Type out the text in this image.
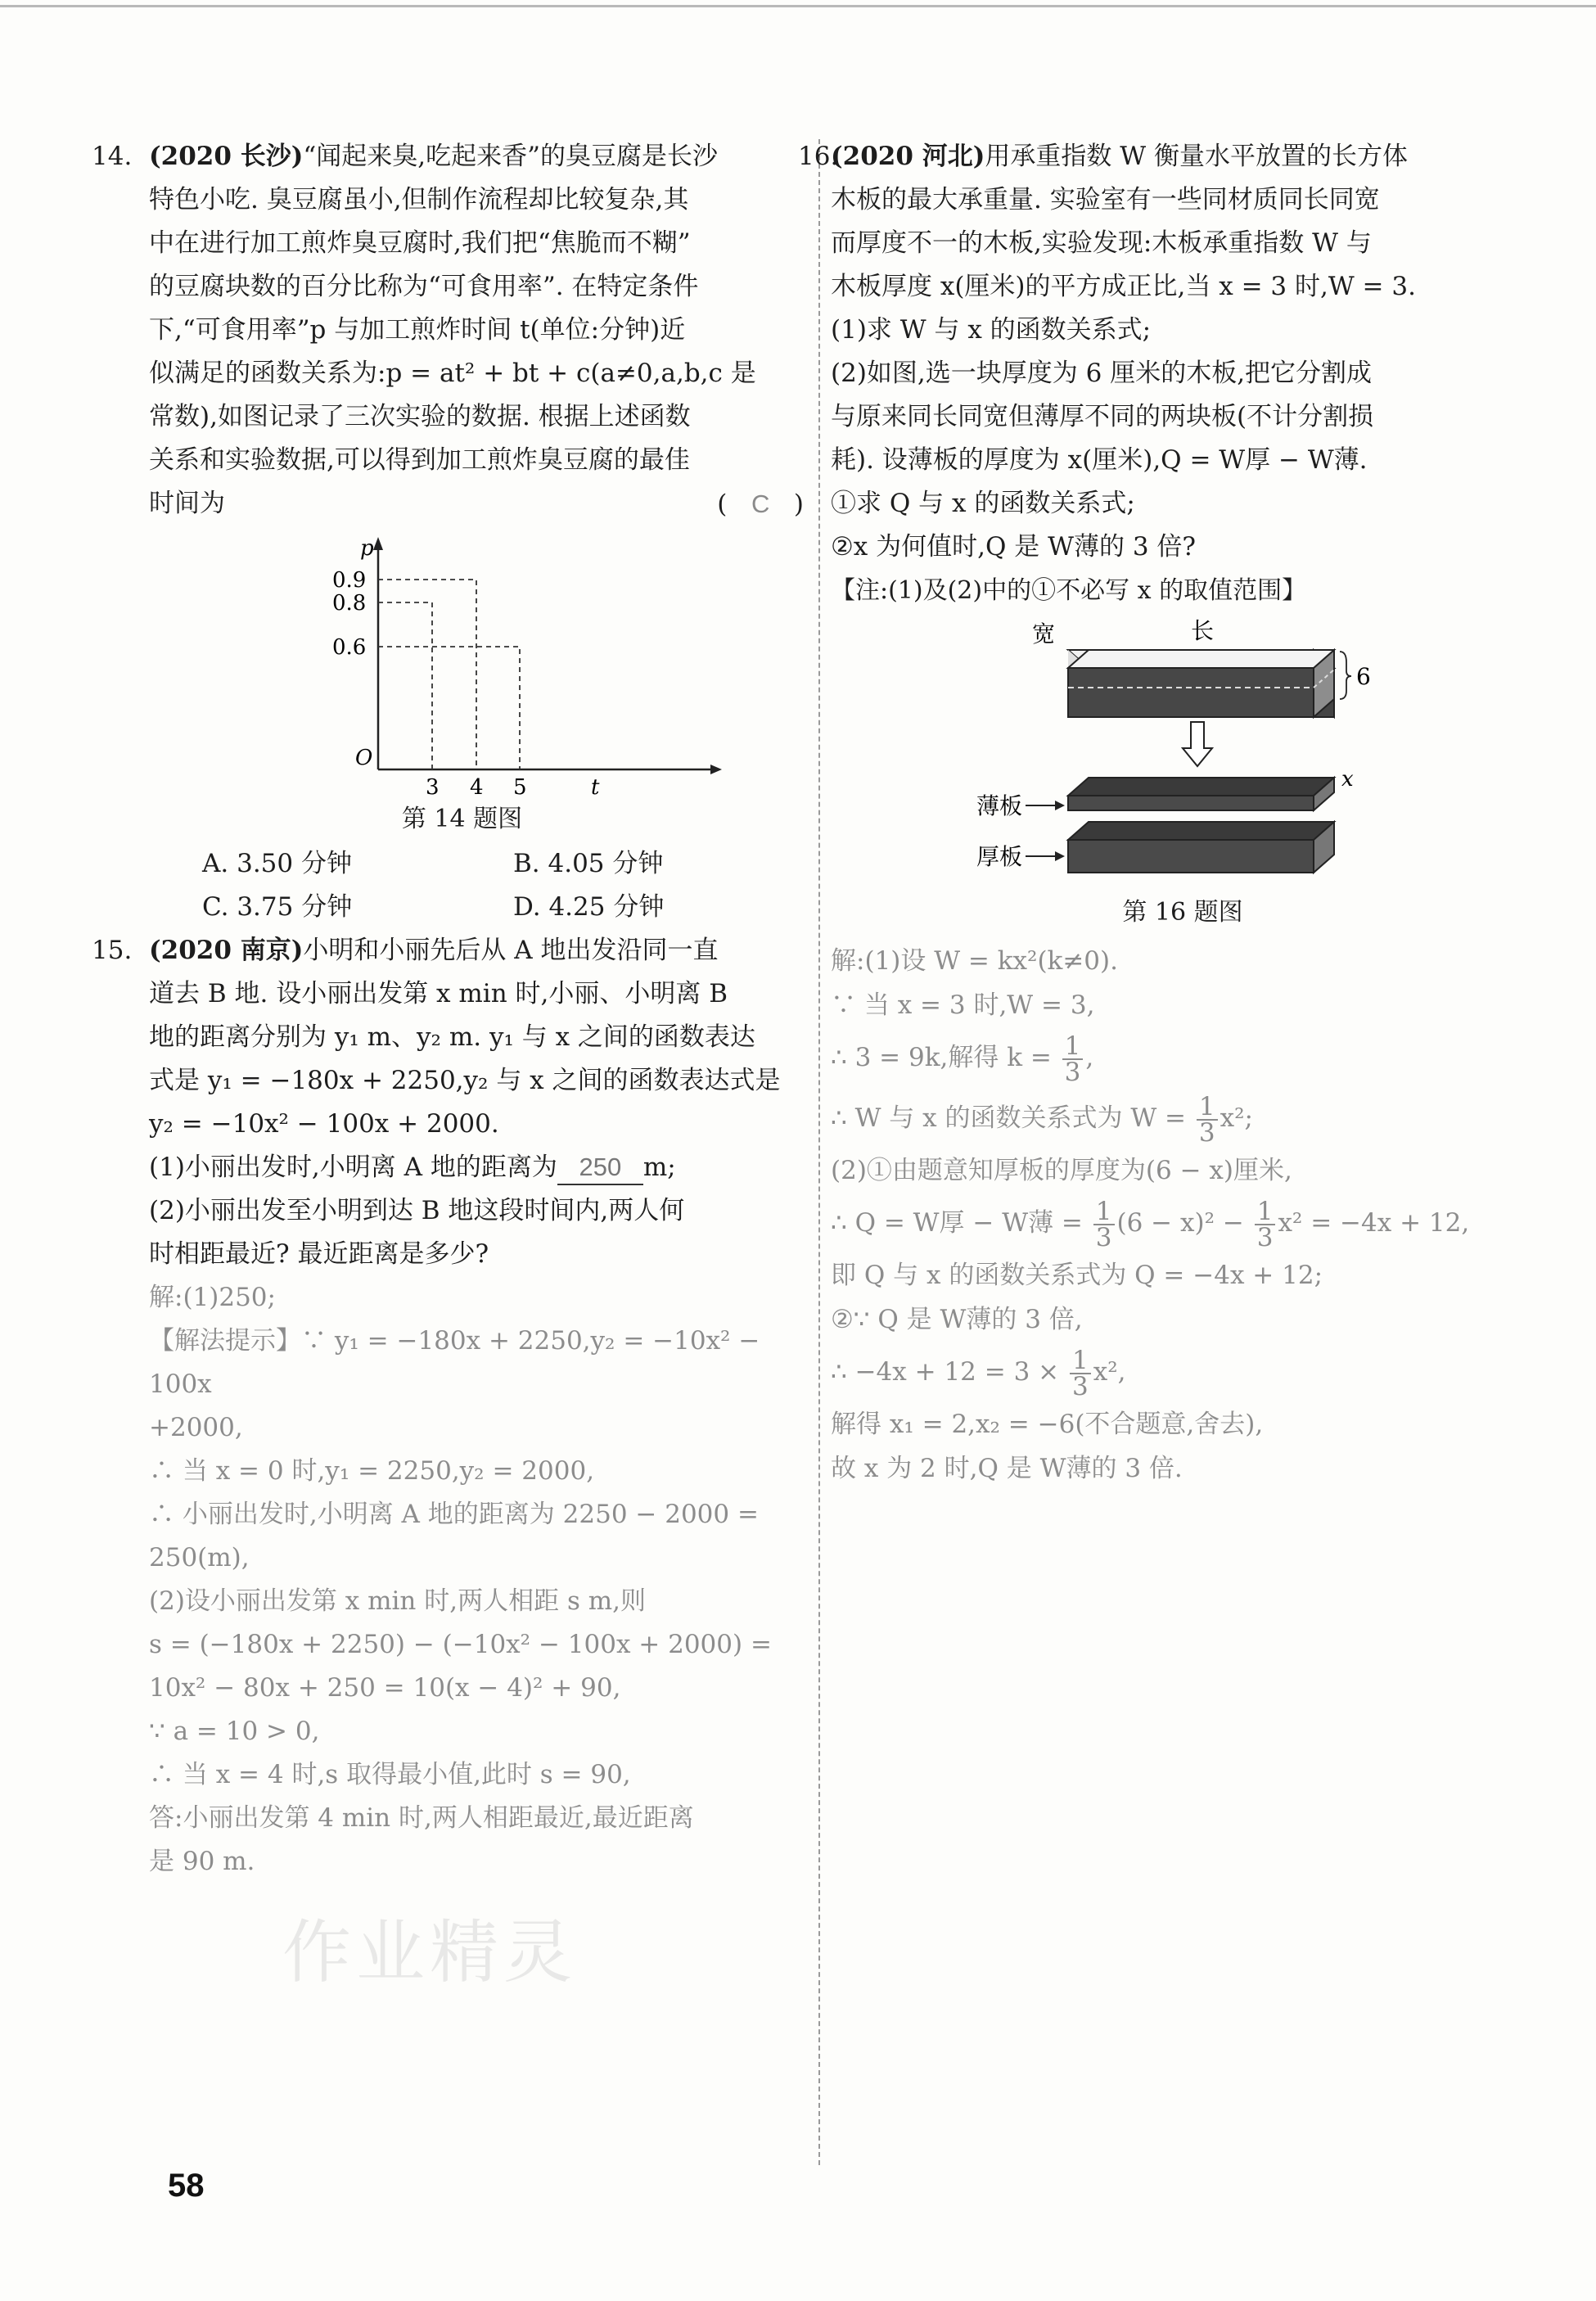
14. (2020 长沙)“闻起来臭,吃起来香”的臭豆腐是长沙

特色小吃. 臭豆腐虽小,但制作流程却比较复杂,其

中在进行加工煎炸臭豆腐时,我们把“焦脆而不糊”

的豆腐块数的百分比称为“可食用率”. 在特定条件

下,“可食用率”p 与加工煎炸时间 t(单位:分钟)近

似满足的函数关系为:p = at² + bt + c(a≠0,a,b,c 是

常数),如图记录了三次实验的数据. 根据上述函数

关系和实验数据,可以得到加工煎炸臭豆腐的最佳

时间为	( C )

p
0.9
0.8
0.6
O
3 4 5	t
第 14 题图
A. 3.50 分钟	B. 4.05 分钟
C. 3.75 分钟	D. 4.25 分钟
15. (2020 南京)小明和小丽先后从 A 地出发沿同一直

道去 B 地. 设小丽出发第 x min 时,小丽、小明离 B

地的距离分别为 y₁ m、y₂ m. y₁ 与 x 之间的函数表达

式是 y₁ = −180x + 2250,y₂ 与 x 之间的函数表达式是

y₂ = −10x² − 100x + 2000.

(1)小丽出发时,小明离 A 地的距离为 250 m;

(2)小丽出发至小明到达 B 地这段时间内,两人何

时相距最近? 最近距离是多少?

解:(1)250;

【解法提示】∵ y₁ = −180x + 2250,y₂ = −10x² − 100x

+2000,

∴ 当 x = 0 时,y₁ = 2250,y₂ = 2000,

∴ 小丽出发时,小明离 A 地的距离为 2250 − 2000 =

250(m),

(2)设小丽出发第 x min 时,两人相距 s m,则

s = (−180x + 2250) − (−10x² − 100x + 2000) =

10x² − 80x + 250 = 10(x − 4)² + 90,

∵ a = 10 > 0,

∴ 当 x = 4 时,s 取得最小值,此时 s = 90,

答:小丽出发第 4 min 时,两人相距最近,最近距离

是 90 m.

16.

(2020 河北)用承重指数 W 衡量水平放置的长方体

木板的最大承重量. 实验室有一些同材质同长同宽

而厚度不一的木板,实验发现:木板承重指数 W 与

木板厚度 x(厘米)的平方成正比,当 x = 3 时,W = 3.

(1)求 W 与 x 的函数关系式;

(2)如图,选一块厚度为 6 厘米的木板,把它分割成

与原来同长同宽但薄厚不同的两块板(不计分割损

耗). 设薄板的厚度为 x(厘米),Q = W厚 − W薄.

①求 Q 与 x 的函数关系式;

②x 为何值时,Q 是 W薄的 3 倍?

【注:(1)及(2)中的①不必写 x 的取值范围】

宽	长
6
x
薄板
厚板
第 16 题图

解:(1)设 W = kx²(k≠0).

∵ 当 x = 3 时,W = 3,

∴ 3 = 9k,解得 $k = \frac{1}{3}$ ,

∴ W 与 x 的函数关系式为 $W = \frac{1}{3} x^2$;

(2)①由题意知厚板的厚度为(6 − x)厘米,

∴ Q = W厚 − W薄 = $\frac{1}{3} (6 - x)^2 - \frac{1}{3} x^2 = -4x + 12$,

即 Q 与 x 的函数关系式为 Q = −4x + 12;

②∵ Q 是 W薄的 3 倍,

∴ $-4x + 12 = 3 \times \frac{1}{3} x^2$,

解得 x₁ = 2,x₂ = −6(不合题意,舍去),

故 x 为 2 时,Q 是 W薄的 3 倍.

作业精灵
58
